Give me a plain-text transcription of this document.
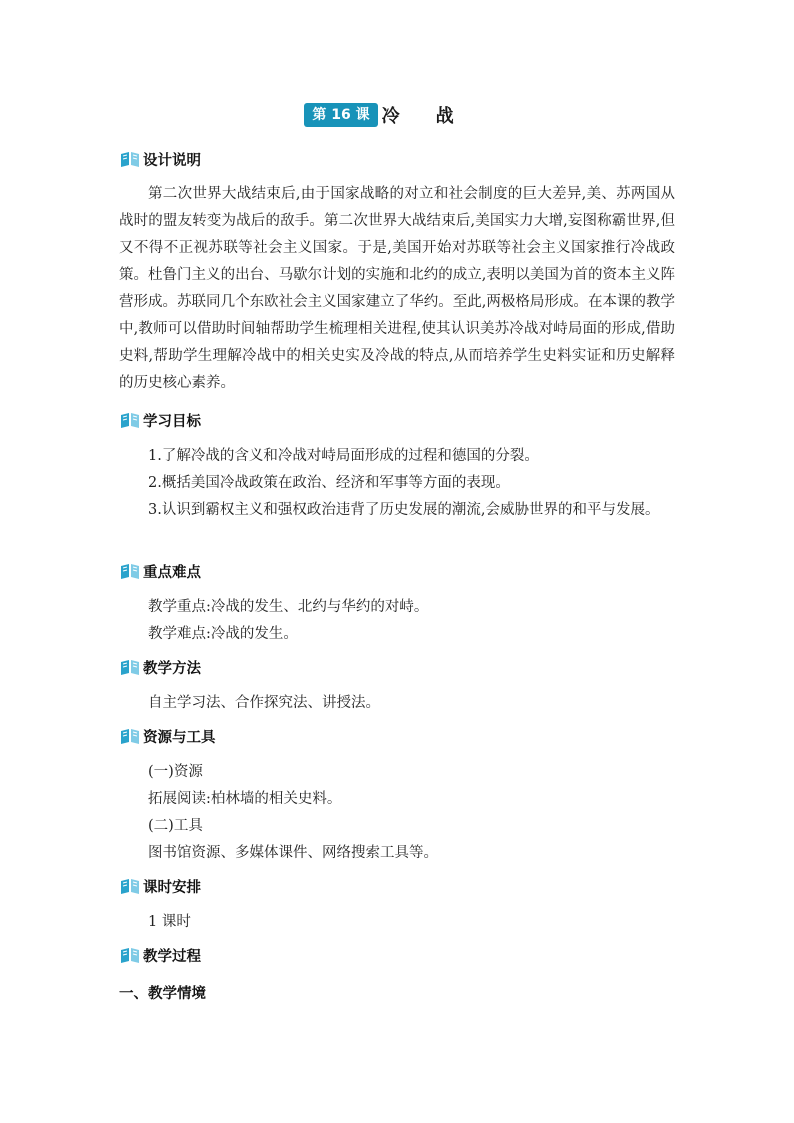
第 16 课 冷战
设计说明
第二次世界大战结束后,由于国家战略的对立和社会制度的巨大差异,美、苏两国从战时的盟友转变为战后的敌手。第二次世界大战结束后,美国实力大增,妄图称霸世界,但又不得不正视苏联等社会主义国家。于是,美国开始对苏联等社会主义国家推行冷战政策。杜鲁门主义的出台、马歇尔计划的实施和北约的成立,表明以美国为首的资本主义阵营形成。苏联同几个东欧社会主义国家建立了华约。至此,两极格局形成。在本课的教学中,教师可以借助时间轴帮助学生梳理相关进程,使其认识美苏冷战对峙局面的形成,借助史料,帮助学生理解冷战中的相关史实及冷战的特点,从而培养学生史料实证和历史解释的历史核心素养。
学习目标
1.了解冷战的含义和冷战对峙局面形成的过程和德国的分裂。
2.概括美国冷战政策在政治、经济和军事等方面的表现。
3.认识到霸权主义和强权政治违背了历史发展的潮流,会威胁世界的和平与发展。
重点难点
教学重点:冷战的发生、北约与华约的对峙。
教学难点:冷战的发生。
教学方法
自主学习法、合作探究法、讲授法。
资源与工具
(一)资源
拓展阅读:柏林墙的相关史料。
(二)工具
图书馆资源、多媒体课件、网络搜索工具等。
课时安排
1 课时
教学过程
一、教学情境
